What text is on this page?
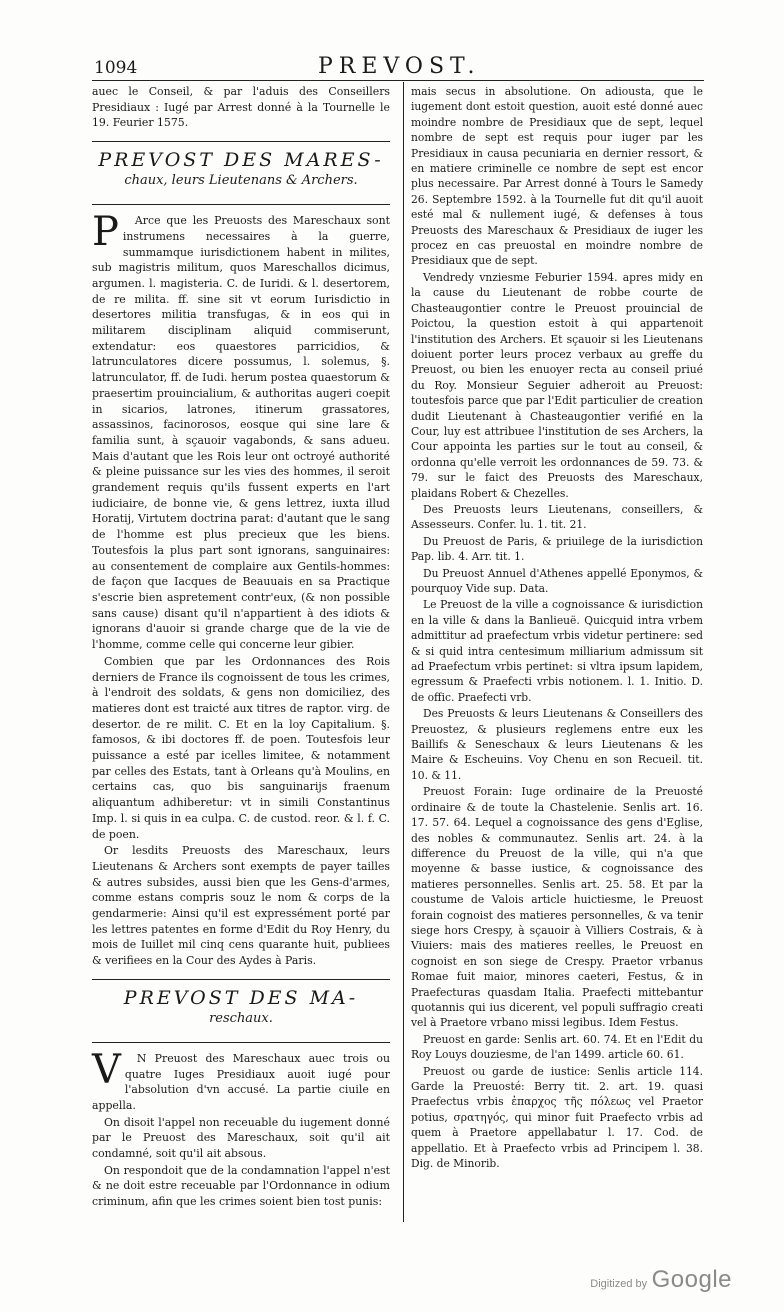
1094	PREVOST.

auec le Conseil, & par l'aduis des Conseillers Presidiaux : Iugé par Arrest donné à la Tournelle le 19. Feurier 1575.

PREVOST DES MARES-
chaux, leurs Lieutenans & Archers.

P Arce que les Preuosts des Mareschaux sont instrumens necessaires à la guerre, summamque iurisdictionem habent in milites, sub magistris militum, quos Mareschallos dicimus, argumen. l. magisteria. C. de Iuridi. & l. desertorem, de re milita. ff. sine sit vt eorum Iurisdictio in desertores militia transfugas, & in eos qui in militarem disciplinam aliquid commiserunt, extendatur: eos quaestores parricidios, & latrunculatores dicere possumus, l. solemus, §. latrunculator, ff. de Iudi. herum postea quaestorum & praesertim prouincialium, & authoritas augeri coepit in sicarios, latrones, itinerum grassatores, assassinos, facinorosos, eosque qui sine lare & familia sunt, à sçauoir vagabonds, & sans adueu. Mais d'autant que les Rois leur ont octroyé authorité & pleine puissance sur les vies des hommes, il seroit grandement requis qu'ils fussent experts en l'art iudiciaire, de bonne vie, & gens lettrez, iuxta illud Horatij, Virtutem doctrina parat: d'autant que le sang de l'homme est plus precieux que les biens. Toutesfois la plus part sont ignorans, sanguinaires: au consentement de complaire aux Gentils-hommes: de façon que Iacques de Beauuais en sa Practique s'escrie bien aspretement contr'eux, (& non possible sans cause) disant qu'il n'appartient à des idiots & ignorans d'auoir si grande charge que de la vie de l'homme, comme celle qui concerne leur gibier.

Combien que par les Ordonnances des Rois derniers de France ils cognoissent de tous les crimes, à l'endroit des soldats, & gens non domiciliez, des matieres dont est traicté aux titres de raptor. virg. de desertor. de re milit. C. Et en la loy Capitalium. §. famosos, & ibi doctores ff. de poen. Toutesfois leur puissance a esté par icelles limitee, & notamment par celles des Estats, tant à Orleans qu'à Moulins, en certains cas, quo bis sanguinarijs fraenum aliquantum adhiberetur: vt in simili Constantinus Imp. l. si quis in ea culpa. C. de custod. reor. & l. f. C. de poen.

Or lesdits Preuosts des Mareschaux, leurs Lieutenans & Archers sont exempts de payer tailles & autres subsides, aussi bien que les Gens-d'armes, comme estans compris souz le nom & corps de la gendarmerie: Ainsi qu'il est expressément porté par les lettres patentes en forme d'Edit du Roy Henry, du mois de Iuillet mil cinq cens quarante huit, publiees & verifiees en la Cour des Aydes à Paris.

PREVOST DES MA-
reschaux.

V N Preuost des Mareschaux auec trois ou quatre Iuges Presidiaux auoit iugé pour l'absolution d'vn accusé. La partie ciuile en appella.

On disoit l'appel non receuable du iugement donné par le Preuost des Mareschaux, soit qu'il ait condamné, soit qu'il ait absous.

On respondoit que de la condamnation l'appel n'est & ne doit estre receuable par l'Ordonnance in odium criminum, afin que les crimes soient bien tost punis:

mais secus in absolutione. On adioustа, que le iugement dont estoit question, auoit esté donné auec moindre nombre de Presidiaux que de sept, lequel nombre de sept est requis pour iuger par les Presidiaux in causa pecuniaria en dernier ressort, & en matiere criminelle ce nombre de sept est encor plus necessaire. Par Arrest donné à Tours le Samedy 26. Septembre 1592. à la Tournelle fut dit qu'il auoit esté mal & nullement iugé, & defenses à tous Preuosts des Mareschaux & Presidiaux de iuger les procez en cas preuostal en moindre nombre de Presidiaux que de sept.

Vendredy vnziesme Feburier 1594. apres midy en la cause du Lieutenant de robbe courte de Chasteaugontier contre le Preuost prouincial de Poictou, la question estoit à qui appartenoit l'institution des Archers. Et sçauoir si les Lieutenans doiuent porter leurs procez verbaux au greffe du Preuost, ou bien les enuoyer recta au conseil priué du Roy. Monsieur Seguier adheroit au Preuost: toutesfois parce que par l'Edit particulier de creation dudit Lieutenant à Chasteaugontier verifié en la Cour, luy est attribuee l'institution de ses Archers, la Cour appointa les parties sur le tout au conseil, & ordonna qu'elle verroit les ordonnances de 59. 73. & 79. sur le faict des Preuosts des Mareschaux, plaidans Robert & Chezelles.

Des Preuosts leurs Lieutenans, conseillers, & Assesseurs. Confer. lu. 1. tit. 21.

Du Preuost de Paris, & priuilege de la iurisdiction Pap. lib. 4. Arr. tit. 1.

Du Preuost Annuel d'Athenes appellé Eponymos, & pourquoy Vide sup. Data.

Le Preuost de la ville a cognoissance & iurisdiction en la ville & dans la Banlieuë. Quicquid intra vrbem admittitur ad praefectum vrbis videtur pertinere: sed & si quid intra centesimum milliarium admissum sit ad Praefectum vrbis pertinet: si vltra ipsum lapidem, egressum & Praefecti vrbis notionem. l. 1. Initio. D. de offic. Praefecti vrb.

Des Preuosts & leurs Lieutenans & Conseillers des Preuostez, & plusieurs reglemens entre eux les Baillifs & Seneschaux & leurs Lieutenans & les Maire & Escheuins. Voy Chenu en son Recueil. tit. 10. & 11.

Preuost Forain: Iuge ordinaire de la Preuosté ordinaire & de toute la Chastelenie. Senlis art. 16. 17. 57. 64. Lequel a cognoissance des gens d'Eglise, des nobles & communautez. Senlis art. 24. à la difference du Preuost de la ville, qui n'a que moyenne & basse iustice, & cognoissance des matieres personnelles. Senlis art. 25. 58. Et par la coustume de Valois article huictiesme, le Preuost forain cognoist des matieres personnelles, & va tenir siege hors Crespy, à sçauoir à Villiers Costrais, & à Viuiers: mais des matieres reelles, le Preuost en cognoist en son siege de Crespy. Praetor vrbanus Romae fuit maior, minores caeteri, Festus, & in Praefecturas quasdam Italia. Praefecti mittebantur quotannis qui ius dicerent, vel populi suffragio creati vel à Praetore vrbano missi legibus. Idem Festus.

Preuost en garde: Senlis art. 60. 74. Et en l'Edit du Roy Louys douziesme, de l'an 1499. article 60. 61.

Preuost ou garde de iustice: Senlis article 114. Garde la Preuosté: Berry tit. 2. art. 19. quasi Praefectus vrbis ἐπαρχος τῆς πόλεως vel Praetor potius, σρατηγός, qui minor fuit Praefecto vrbis ad quem à Praetore appellabatur l. 17. Cod. de appellatio. Et à Praefecto vrbis ad Principem l. 38. Dig. de Minorib.

Digitized by Google
